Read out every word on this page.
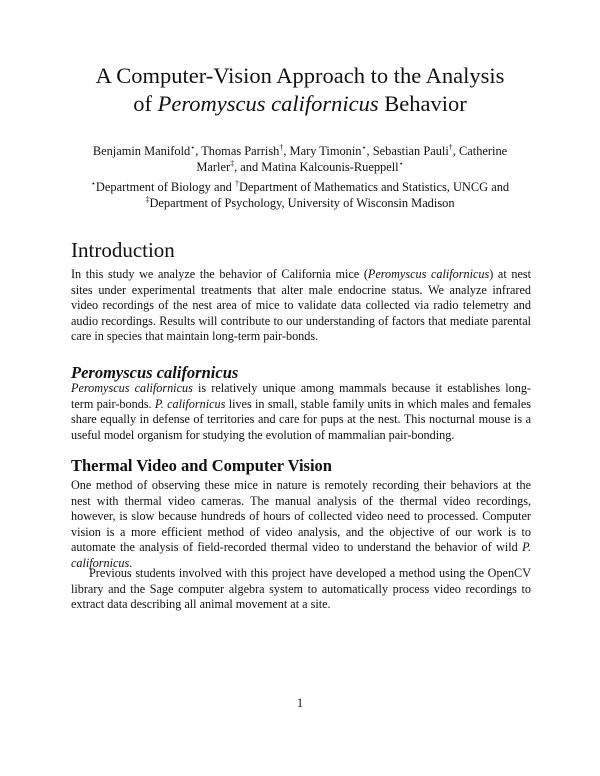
A Computer-Vision Approach to the Analysis
of Peromyscus californicus Behavior
Benjamin Manifold⋆, Thomas Parrish†, Mary Timonin⋆, Sebastian Pauli†, Catherine Marler‡, and Matina Kalcounis-Rueppell⋆
⋆Department of Biology and †Department of Mathematics and Statistics, UNCG and
‡Department of Psychology, University of Wisconsin Madison
Introduction

In this study we analyze the behavior of California mice (Peromyscus californicus) at nest sites under experimental treatments that alter male endocrine status. We analyze infrared video recordings of the nest area of mice to validate data collected via radio telemetry and audio recordings. Results will contribute to our understanding of factors that mediate parental care in species that maintain long-term pair-bonds.

Peromyscus californicus

Peromyscus californicus is relatively unique among mammals because it establishes long-term pair-bonds. P. californicus lives in small, stable family units in which males and females share equally in defense of territories and care for pups at the nest. This nocturnal mouse is a useful model organism for studying the evolution of mammalian pair-bonding.

Thermal Video and Computer Vision

One method of observing these mice in nature is remotely recording their behaviors at the nest with thermal video cameras. The manual analysis of the thermal video recordings, however, is slow because hundreds of hours of collected video need to processed. Computer vision is a more efficient method of video analysis, and the objective of our work is to automate the analysis of field-recorded thermal video to understand the behavior of wild P. californicus.

Previous students involved with this project have developed a method using the OpenCV library and the Sage computer algebra system to automatically process video recordings to extract data describing all animal movement at a site.

1
